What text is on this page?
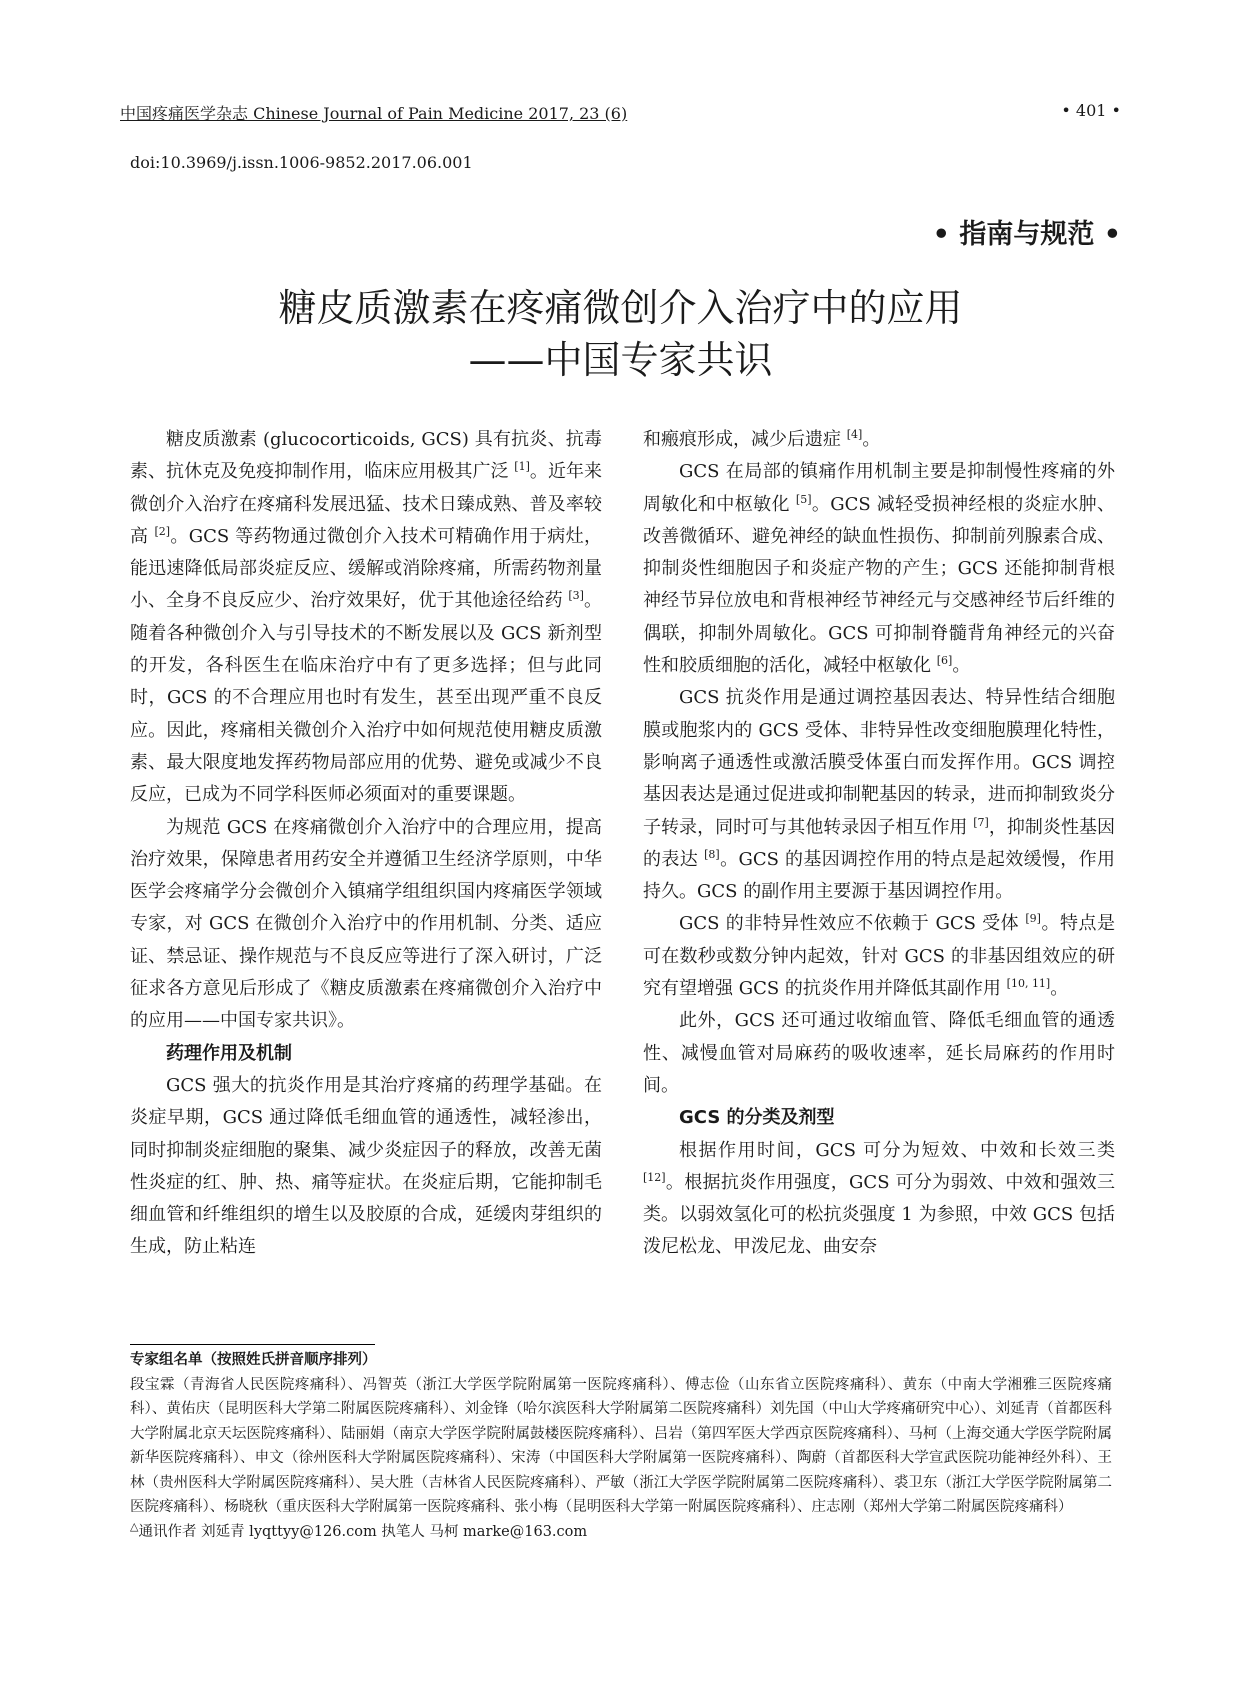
中国疼痛医学杂志 Chinese Journal of Pain Medicine 2017, 23 (6)	• 401 •
doi:10.3969/j.issn.1006-9852.2017.06.001
• 指南与规范 •
糖皮质激素在疼痛微创介入治疗中的应用
——中国专家共识

糖皮质激素 (glucocorticoids, GCS) 具有抗炎、抗毒素、抗休克及免疫抑制作用，临床应用极其广泛 [1]。近年来微创介入治疗在疼痛科发展迅猛、技术日臻成熟、普及率较高 [2]。GCS 等药物通过微创介入技术可精确作用于病灶，能迅速降低局部炎症反应、缓解或消除疼痛，所需药物剂量小、全身不良反应少、治疗效果好，优于其他途径给药 [3]。随着各种微创介入与引导技术的不断发展以及 GCS 新剂型的开发，各科医生在临床治疗中有了更多选择；但与此同时，GCS 的不合理应用也时有发生，甚至出现严重不良反应。因此，疼痛相关微创介入治疗中如何规范使用糖皮质激素、最大限度地发挥药物局部应用的优势、避免或减少不良反应，已成为不同学科医师必须面对的重要课题。

为规范 GCS 在疼痛微创介入治疗中的合理应用，提高治疗效果，保障患者用药安全并遵循卫生经济学原则，中华医学会疼痛学分会微创介入镇痛学组组织国内疼痛医学领域专家，对 GCS 在微创介入治疗中的作用机制、分类、适应证、禁忌证、操作规范与不良反应等进行了深入研讨，广泛征求各方意见后形成了《糖皮质激素在疼痛微创介入治疗中的应用——中国专家共识》。

药理作用及机制

GCS 强大的抗炎作用是其治疗疼痛的药理学基础。在炎症早期，GCS 通过降低毛细血管的通透性，减轻渗出，同时抑制炎症细胞的聚集、减少炎症因子的释放，改善无菌性炎症的红、肿、热、痛等症状。在炎症后期，它能抑制毛细血管和纤维组织的增生以及胶原的合成，延缓肉芽组织的生成，防止粘连

和瘢痕形成，减少后遗症 [4]。

GCS 在局部的镇痛作用机制主要是抑制慢性疼痛的外周敏化和中枢敏化 [5]。GCS 减轻受损神经根的炎症水肿、改善微循环、避免神经的缺血性损伤、抑制前列腺素合成、抑制炎性细胞因子和炎症产物的产生；GCS 还能抑制背根神经节异位放电和背根神经节神经元与交感神经节后纤维的偶联，抑制外周敏化。GCS 可抑制脊髓背角神经元的兴奋性和胶质细胞的活化，减轻中枢敏化 [6]。

GCS 抗炎作用是通过调控基因表达、特异性结合细胞膜或胞浆内的 GCS 受体、非特异性改变细胞膜理化特性，影响离子通透性或激活膜受体蛋白而发挥作用。GCS 调控基因表达是通过促进或抑制靶基因的转录，进而抑制致炎分子转录，同时可与其他转录因子相互作用 [7]，抑制炎性基因的表达 [8]。GCS 的基因调控作用的特点是起效缓慢，作用持久。GCS 的副作用主要源于基因调控作用。

GCS 的非特异性效应不依赖于 GCS 受体 [9]。特点是可在数秒或数分钟内起效，针对 GCS 的非基因组效应的研究有望增强 GCS 的抗炎作用并降低其副作用 [10, 11]。

此外，GCS 还可通过收缩血管、降低毛细血管的通透性、减慢血管对局麻药的吸收速率，延长局麻药的作用时间。

GCS 的分类及剂型

根据作用时间，GCS 可分为短效、中效和长效三类 [12]。根据抗炎作用强度，GCS 可分为弱效、中效和强效三类。以弱效氢化可的松抗炎强度 1 为参照，中效 GCS 包括泼尼松龙、甲泼尼龙、曲安奈

专家组名单（按照姓氏拼音顺序排列）
段宝霖（青海省人民医院疼痛科）、冯智英（浙江大学医学院附属第一医院疼痛科）、傅志俭（山东省立医院疼痛科）、黄东（中南大学湘雅三医院疼痛科）、黄佑庆（昆明医科大学第二附属医院疼痛科）、刘金锋（哈尔滨医科大学附属第二医院疼痛科）刘先国（中山大学疼痛研究中心）、刘延青（首都医科大学附属北京天坛医院疼痛科）、陆丽娟（南京大学医学院附属鼓楼医院疼痛科）、吕岩（第四军医大学西京医院疼痛科）、马柯（上海交通大学医学院附属新华医院疼痛科）、申文（徐州医科大学附属医院疼痛科）、宋涛（中国医科大学附属第一医院疼痛科）、陶蔚（首都医科大学宣武医院功能神经外科）、王林（贵州医科大学附属医院疼痛科）、吴大胜（吉林省人民医院疼痛科）、严敏（浙江大学医学院附属第二医院疼痛科）、裘卫东（浙江大学医学院附属第二医院疼痛科）、杨晓秋（重庆医科大学附属第一医院疼痛科、张小梅（昆明医科大学第一附属医院疼痛科）、庄志刚（郑州大学第二附属医院疼痛科）
△通讯作者 刘延青 lyqttyy@126.com 执笔人 马柯 marke@163.com
